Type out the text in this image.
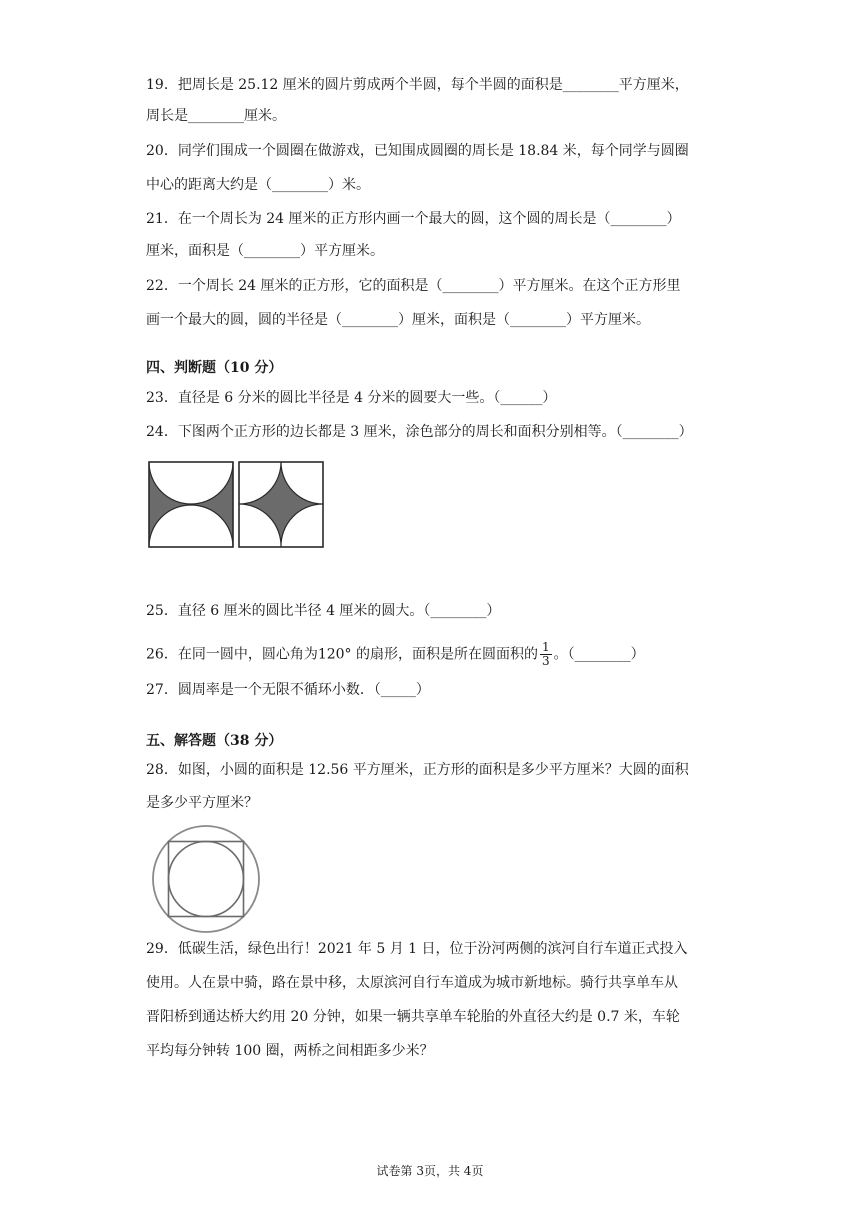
19．把周长是 25.12 厘米的圆片剪成两个半圆，每个半圆的面积是________平方厘米，
周长是________厘米。
20．同学们围成一个圆圈在做游戏，已知围成圆圈的周长是 18.84 米，每个同学与圆圈
中心的距离大约是（________）米。
21．在一个周长为 24 厘米的正方形内画一个最大的圆，这个圆的周长是（________）
厘米，面积是（________）平方厘米。
22．一个周长 24 厘米的正方形，它的面积是（________）平方厘米。在这个正方形里
画一个最大的圆，圆的半径是（________）厘米，面积是（________）平方厘米。
四、判断题（10 分）
23．直径是 6 分米的圆比半径是 4 分米的圆要大一些。（______）
24．下图两个正方形的边长都是 3 厘米，涂色部分的周长和面积分别相等。（________）
25．直径 6 厘米的圆比半径 4 厘米的圆大。（________）
26．在同一圆中，圆心角为120° 的扇形，面积是所在圆面积的 $\frac{1}{3}$ 。（________）
27．圆周率是一个无限不循环小数．（_____）
五、解答题（38 分）
28．如图，小圆的面积是 12.56 平方厘米，正方形的面积是多少平方厘米？大圆的面积
是多少平方厘米？
29．低碳生活，绿色出行！2021 年 5 月 1 日，位于汾河两侧的滨河自行车道正式投入
使用。人在景中骑，路在景中移，太原滨河自行车道成为城市新地标。骑行共享单车从
晋阳桥到通达桥大约用 20 分钟，如果一辆共享单车轮胎的外直径大约是 0.7 米，车轮
平均每分钟转 100 圈，两桥之间相距多少米？
试卷第 3页，共 4页
